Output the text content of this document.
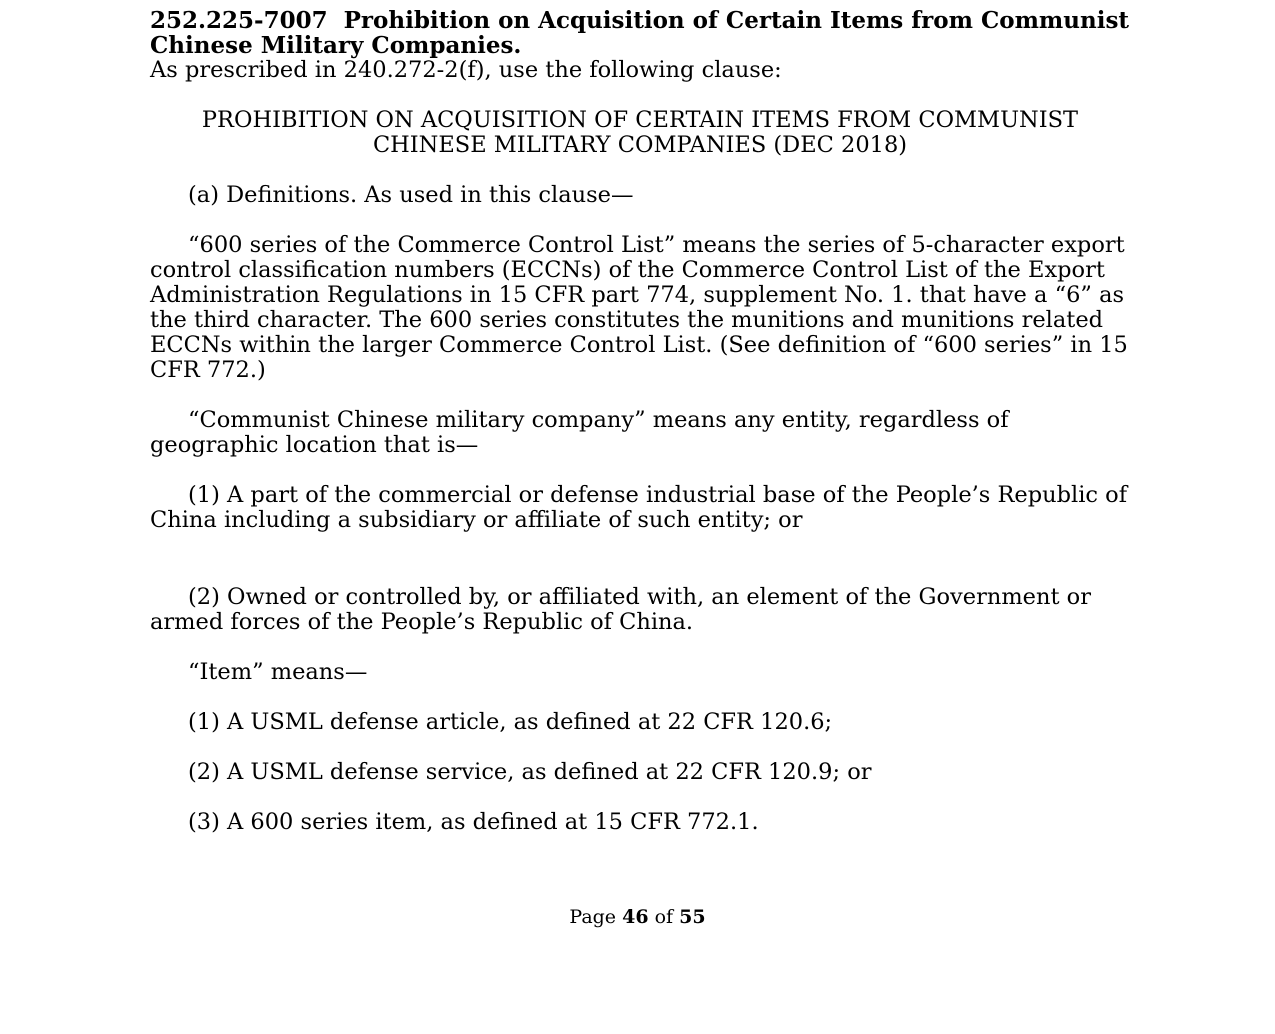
252.225-7007 Prohibition on Acquisition of Certain Items from Communist Chinese Military Companies.

As prescribed in 240.272-2(f), use the following clause:

PROHIBITION ON ACQUISITION OF CERTAIN ITEMS FROM COMMUNIST

CHINESE MILITARY COMPANIES (DEC 2018)

(a) Definitions. As used in this clause—

“600 series of the Commerce Control List” means the series of 5-character export control classification numbers (ECCNs) of the Commerce Control List of the Export Administration Regulations in 15 CFR part 774, supplement No. 1. that have a “6” as the third character. The 600 series constitutes the munitions and munitions related ECCNs within the larger Commerce Control List. (See definition of “600 series” in 15 CFR 772.)

“Communist Chinese military company” means any entity, regardless of geographic location that is—

(1) A part of the commercial or defense industrial base of the People’s Republic of China including a subsidiary or affiliate of such entity; or

(2) Owned or controlled by, or affiliated with, an element of the Government or armed forces of the People’s Republic of China.

“Item” means—

(1) A USML defense article, as defined at 22 CFR 120.6;

(2) A USML defense service, as defined at 22 CFR 120.9; or

(3) A 600 series item, as defined at 15 CFR 772.1.

Page 46 of 55
